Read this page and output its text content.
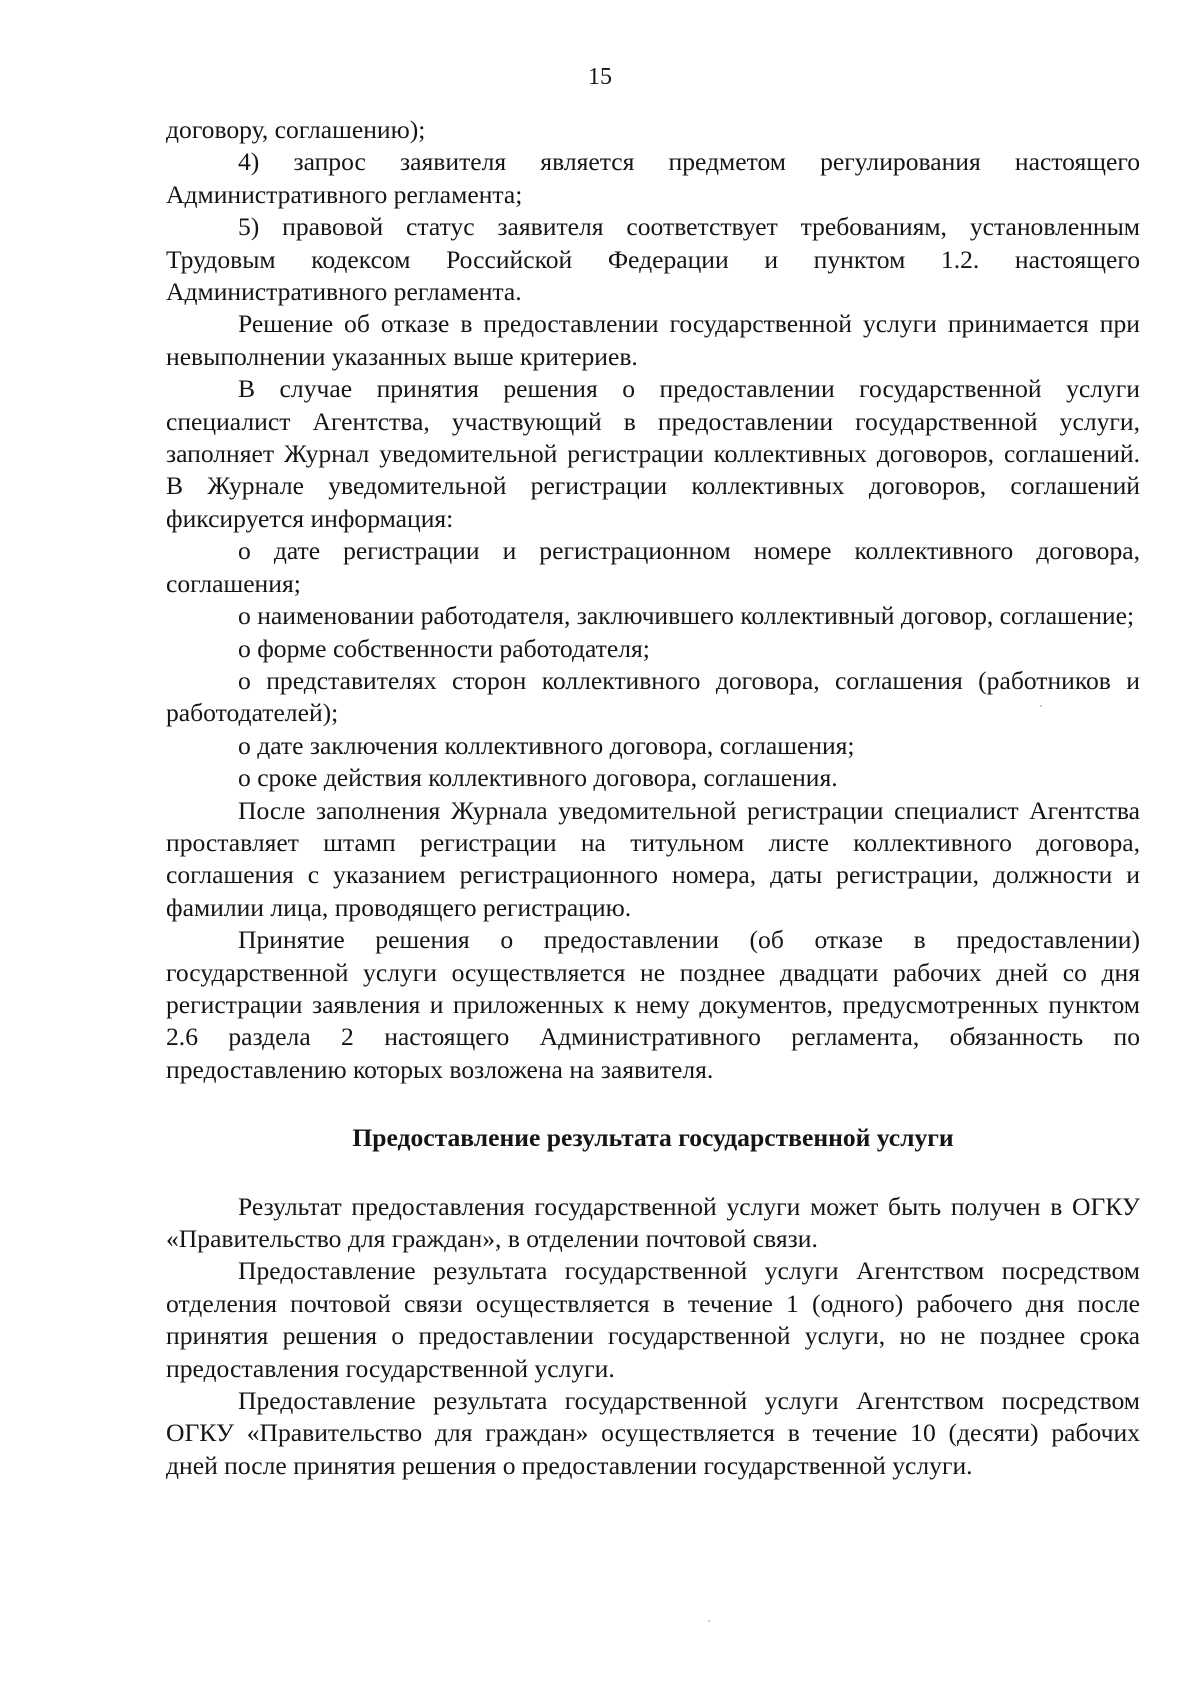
15

договору, соглашению);

4) запрос заявителя является предметом регулирования настоящего Административного регламента;

5) правовой статус заявителя соответствует требованиям, установленным Трудовым кодексом Российской Федерации и пунктом 1.2. настоящего Административного регламента.

Решение об отказе в предоставлении государственной услуги принимается при невыполнении указанных выше критериев.

В случае принятия решения о предоставлении государственной услуги специалист Агентства, участвующий в предоставлении государственной услуги, заполняет Журнал уведомительной регистрации коллективных договоров, соглашений. В Журнале уведомительной регистрации коллективных договоров, соглашений фиксируется информация:

о дате регистрации и регистрационном номере коллективного договора, соглашения;

о наименовании работодателя, заключившего коллективный договор, соглашение;

о форме собственности работодателя;

о представителях сторон коллективного договора, соглашения (работников и работодателей);

о дате заключения коллективного договора, соглашения;

о сроке действия коллективного договора, соглашения.

После заполнения Журнала уведомительной регистрации специалист Агентства проставляет штамп регистрации на титульном листе коллективного договора, соглашения с указанием регистрационного номера, даты регистрации, должности и фамилии лица, проводящего регистрацию.

Принятие решения о предоставлении (об отказе в предоставлении) государственной услуги осуществляется не позднее двадцати рабочих дней со дня регистрации заявления и приложенных к нему документов, предусмотренных пунктом 2.6 раздела 2 настоящего Административного регламента, обязанность по предоставлению которых возложена на заявителя.

Предоставление результата государственной услуги

Результат предоставления государственной услуги может быть получен в ОГКУ «Правительство для граждан», в отделении почтовой связи.

Предоставление результата государственной услуги Агентством посредством отделения почтовой связи осуществляется в течение 1 (одного) рабочего дня после принятия решения о предоставлении государственной услуги, но не позднее срока предоставления государственной услуги.

Предоставление результата государственной услуги Агентством посредством ОГКУ «Правительство для граждан» осуществляется в течение 10 (десяти) рабочих дней после принятия решения о предоставлении государственной услуги.
